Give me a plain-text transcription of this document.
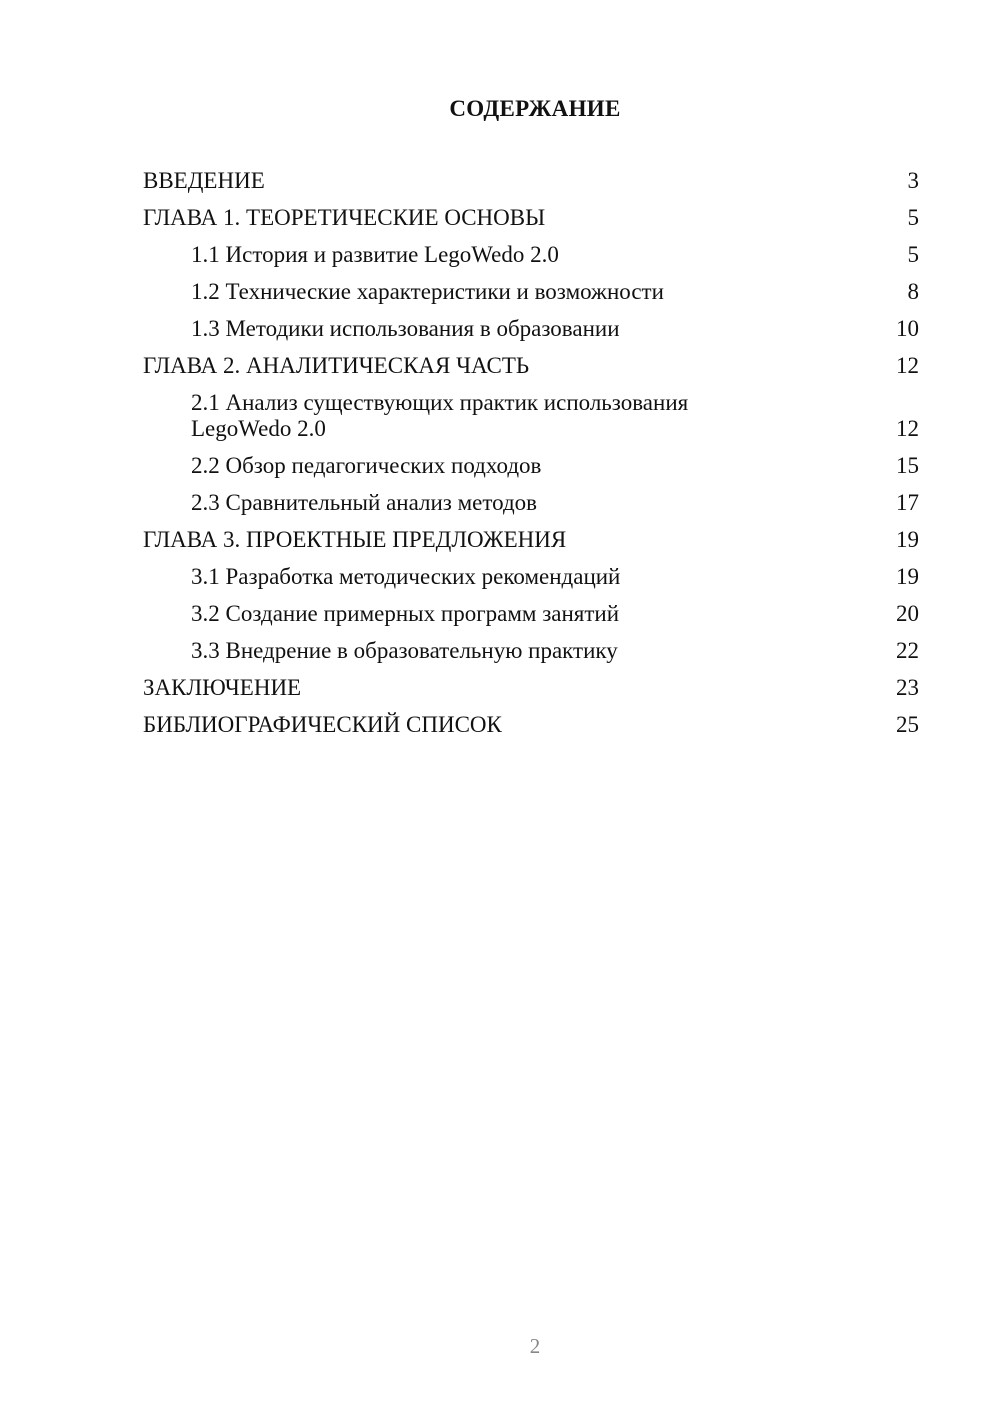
СОДЕРЖАНИЕ
ВВЕДЕНИЕ	3
ГЛАВА 1. ТЕОРЕТИЧЕСКИЕ ОСНОВЫ	5
1.1 История и развитие LegoWedo 2.0	5
1.2 Технические характеристики и возможности	8
1.3 Методики использования в образовании	10
ГЛАВА 2. АНАЛИТИЧЕСКАЯ ЧАСТЬ	12
2.1 Анализ существующих практик использования LegoWedo 2.0	12
2.2 Обзор педагогических подходов	15
2.3 Сравнительный анализ методов	17
ГЛАВА 3. ПРОЕКТНЫЕ ПРЕДЛОЖЕНИЯ	19
3.1 Разработка методических рекомендаций	19
3.2 Создание примерных программ занятий	20
3.3 Внедрение в образовательную практику	22
ЗАКЛЮЧЕНИЕ	23
БИБЛИОГРАФИЧЕСКИЙ СПИСОК	25
2
